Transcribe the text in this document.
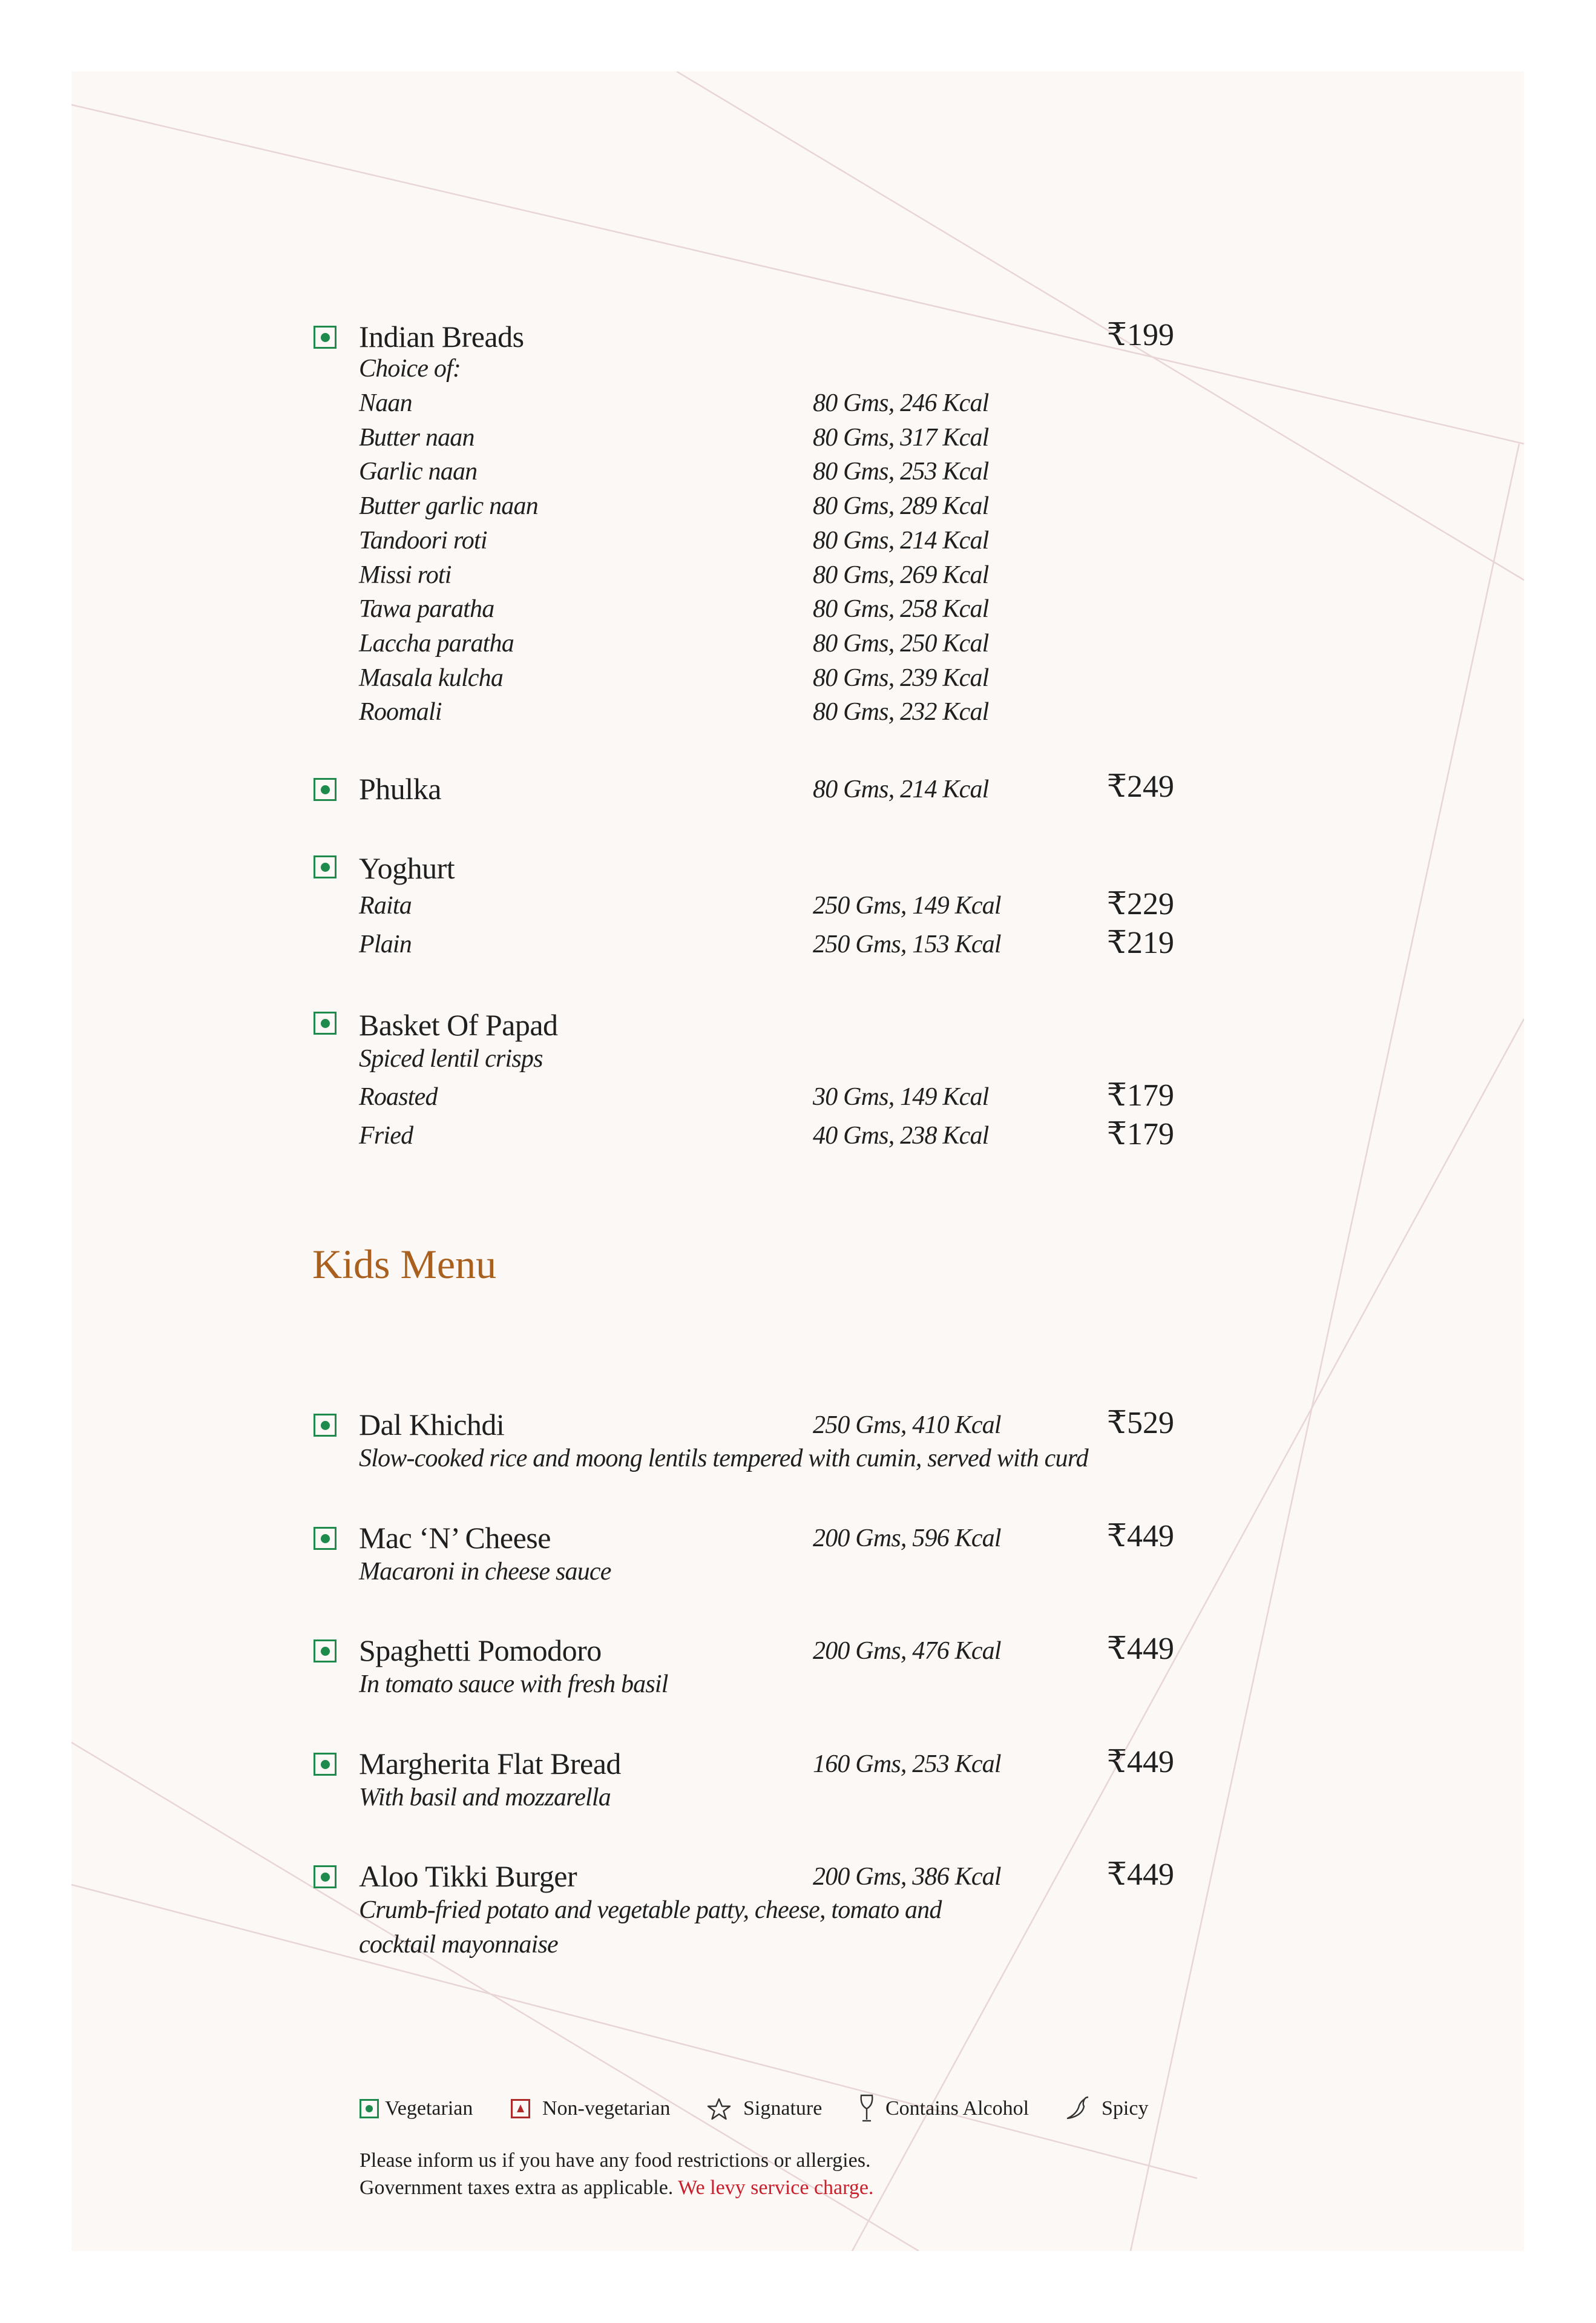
Indian Breads	₹199
Choice of:
Naan	80 Gms, 246 Kcal
Butter naan	80 Gms, 317 Kcal
Garlic naan	80 Gms, 253 Kcal
Butter garlic naan	80 Gms, 289 Kcal
Tandoori roti	80 Gms, 214 Kcal
Missi roti	80 Gms, 269 Kcal
Tawa paratha	80 Gms, 258 Kcal
Laccha paratha	80 Gms, 250 Kcal
Masala kulcha	80 Gms, 239 Kcal
Roomali	80 Gms, 232 Kcal
Phulka	80 Gms, 214 Kcal	₹249
Yoghurt
Raita	250 Gms, 149 Kcal	₹229
Plain	250 Gms, 153 Kcal	₹219
Basket Of Papad
Spiced lentil crisps
Roasted	30 Gms, 149 Kcal	₹179
Fried	40 Gms, 238 Kcal	₹179
Kids Menu
Dal Khichdi	250 Gms, 410 Kcal	₹529
Slow-cooked rice and moong lentils tempered with cumin, served with curd
Mac ‘N’ Cheese	200 Gms, 596 Kcal	₹449
Macaroni in cheese sauce
Spaghetti Pomodoro	200 Gms, 476 Kcal	₹449
In tomato sauce with fresh basil
Margherita Flat Bread	160 Gms, 253 Kcal	₹449
With basil and mozzarella
Aloo Tikki Burger	200 Gms, 386 Kcal	₹449
Crumb-fried potato and vegetable patty, cheese, tomato and
cocktail mayonnaise
Vegetarian	Non-vegetarian	Signature	Contains Alcohol	Spicy
Please inform us if you have any food restrictions or allergies.
Government taxes extra as applicable. We levy service charge.
